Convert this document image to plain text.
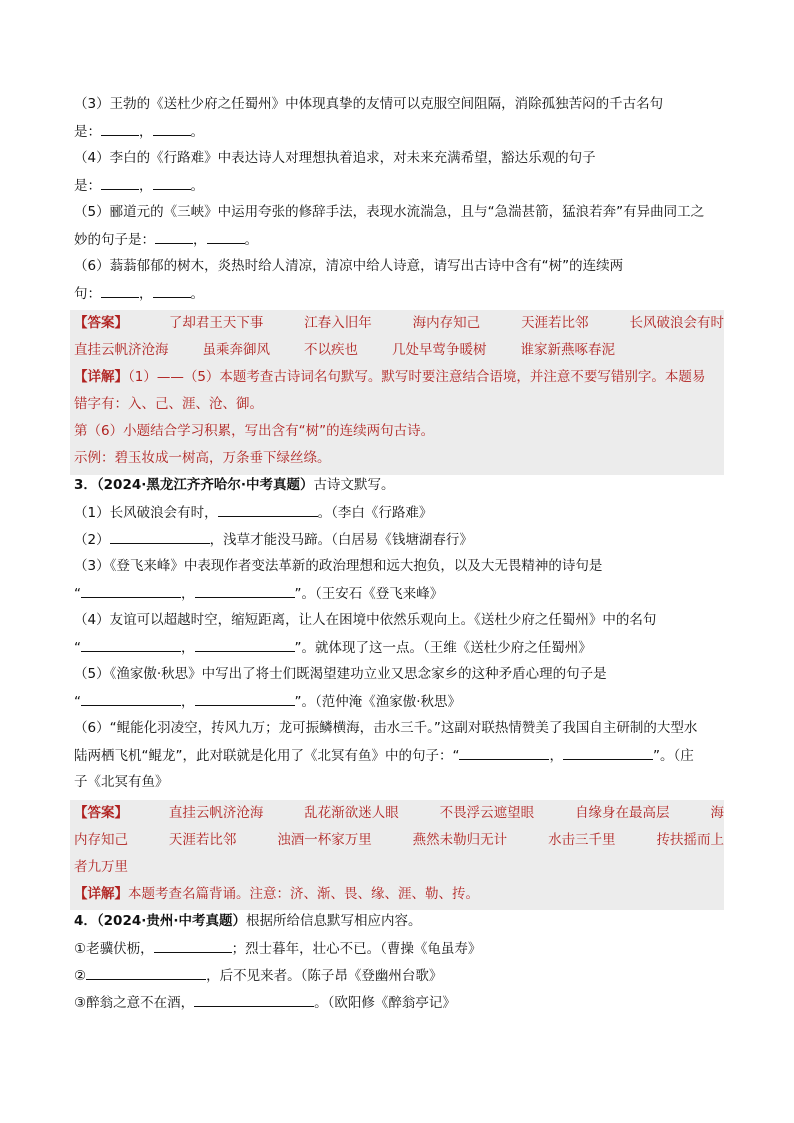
（3）王勃的《送杜少府之任蜀州》中体现真挚的友情可以克服空间阻隔，消除孤独苦闷的千古名句
是：	，	。
（4）李白的《行路难》中表达诗人对理想执着追求，对未来充满希望，豁达乐观的句子
是：	，	。
（5）郦道元的《三峡》中运用夸张的修辞手法，表现水流湍急，且与“急湍甚箭，猛浪若奔”有异曲同工之
妙的句子是：	，	。
（6）蓊蓊郁郁的树木，炎热时给人清凉，清凉中给人诗意，请写出古诗中含有“树”的连续两
句：	，	。
【答案】	了却君王天下事	江春入旧年	海内存知己	天涯若比邻	长风破浪会有时
直挂云帆济沧海	虽乘奔御风	不以疾也	几处早莺争暖树	谁家新燕啄春泥
【详解】（1）——（5）本题考查古诗词名句默写。默写时要注意结合语境，并注意不要写错别字。本题易
错字有：入、己、涯、沧、御。
第（6）小题结合学习积累，写出含有“树”的连续两句古诗。
示例：碧玉妆成一树高，万条垂下绿丝绦。
3．（2024·黑龙江齐齐哈尔·中考真题）古诗文默写。
（1）长风破浪会有时，	。（李白《行路难》
（2）	，浅草才能没马蹄。（白居易《钱塘湖春行》
（3）《登飞来峰》中表现作者变法革新的政治理想和远大抱负，以及大无畏精神的诗句是
“	，	”。（王安石《登飞来峰》
（4）友谊可以超越时空，缩短距离，让人在困境中依然乐观向上。《送杜少府之任蜀州》中的名句
“	，	”。就体现了这一点。（王维《送杜少府之任蜀州》
（5）《渔家傲·秋思》中写出了将士们既渴望建功立业又思念家乡的这种矛盾心理的句子是
“	，	”。（范仲淹《渔家傲·秋思》
（6）“鲲能化羽凌空，抟风九万；龙可振鳞横海，击水三千。”这副对联热情赞美了我国自主研制的大型水
陆两栖飞机“鲲龙”，此对联就是化用了《北冥有鱼》中的句子：“	，	”。（庄
子《北冥有鱼》
【答案】	直挂云帆济沧海	乱花渐欲迷人眼	不畏浮云遮望眼	自缘身在最高层	海
内存知己	天涯若比邻	浊酒一杯家万里	燕然未勒归无计	水击三千里	抟扶摇而上
者九万里
【详解】本题考查名篇背诵。注意：济、渐、畏、缘、涯、勒、抟。
4．（2024·贵州·中考真题）根据所给信息默写相应内容。
①老骥伏枥，	；烈士暮年，壮心不已。（曹操《龟虽寿》
②	，后不见来者。（陈子昂《登幽州台歌》
③醉翁之意不在酒，	。（欧阳修《醉翁亭记》
